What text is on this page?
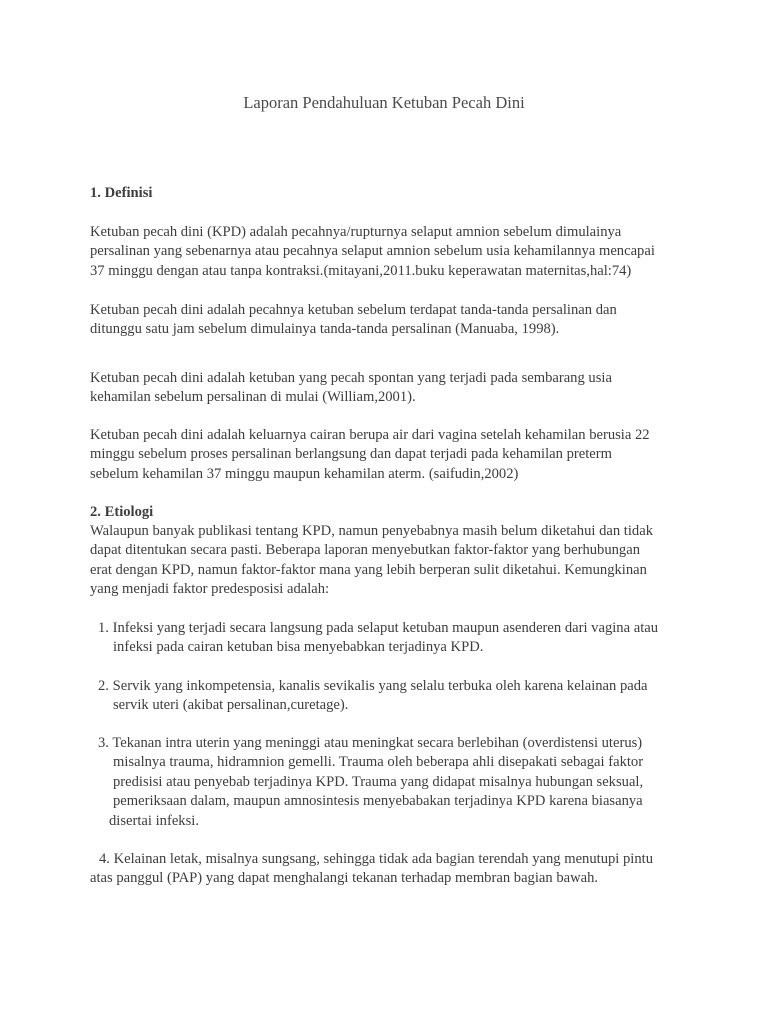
Laporan Pendahuluan Ketuban Pecah Dini
1. Definisi
Ketuban pecah dini (KPD) adalah pecahnya/rupturnya selaput amnion sebelum dimulainya
persalinan yang sebenarnya atau pecahnya selaput amnion sebelum usia kehamilannya mencapai
37 minggu dengan atau tanpa kontraksi.(mitayani,2011.buku keperawatan maternitas,hal:74)
Ketuban pecah dini adalah pecahnya ketuban sebelum terdapat tanda-tanda persalinan dan
ditunggu satu jam sebelum dimulainya tanda-tanda persalinan (Manuaba, 1998).
Ketuban pecah dini adalah ketuban yang pecah spontan yang terjadi pada sembarang usia
kehamilan sebelum persalinan di mulai (William,2001).
Ketuban pecah dini adalah keluarnya cairan berupa air dari vagina setelah kehamilan berusia 22
minggu sebelum proses persalinan berlangsung dan dapat terjadi pada kehamilan preterm
sebelum kehamilan 37 minggu maupun kehamilan aterm. (saifudin,2002)
2. Etiologi
Walaupun banyak publikasi tentang KPD, namun penyebabnya masih belum diketahui dan tidak
dapat ditentukan secara pasti. Beberapa laporan menyebutkan faktor-faktor yang berhubungan
erat dengan KPD, namun faktor-faktor mana yang lebih berperan sulit diketahui. Kemungkinan
yang menjadi faktor predesposisi adalah:
1. Infeksi yang terjadi secara langsung pada selaput ketuban maupun asenderen dari vagina atau
infeksi pada cairan ketuban bisa menyebabkan terjadinya KPD.
2. Servik yang inkompetensia, kanalis sevikalis yang selalu terbuka oleh karena kelainan pada
servik uteri (akibat persalinan,curetage).
3. Tekanan intra uterin yang meninggi atau meningkat secara berlebihan (overdistensi uterus)
misalnya trauma, hidramnion gemelli. Trauma oleh beberapa ahli disepakati sebagai faktor
predisisi atau penyebab terjadinya KPD. Trauma yang didapat misalnya hubungan seksual,
pemeriksaan dalam, maupun amnosintesis menyebabakan terjadinya KPD karena biasanya
disertai infeksi.
4. Kelainan letak, misalnya sungsang, sehingga tidak ada bagian terendah yang menutupi pintu
atas panggul (PAP) yang dapat menghalangi tekanan terhadap membran bagian bawah.
